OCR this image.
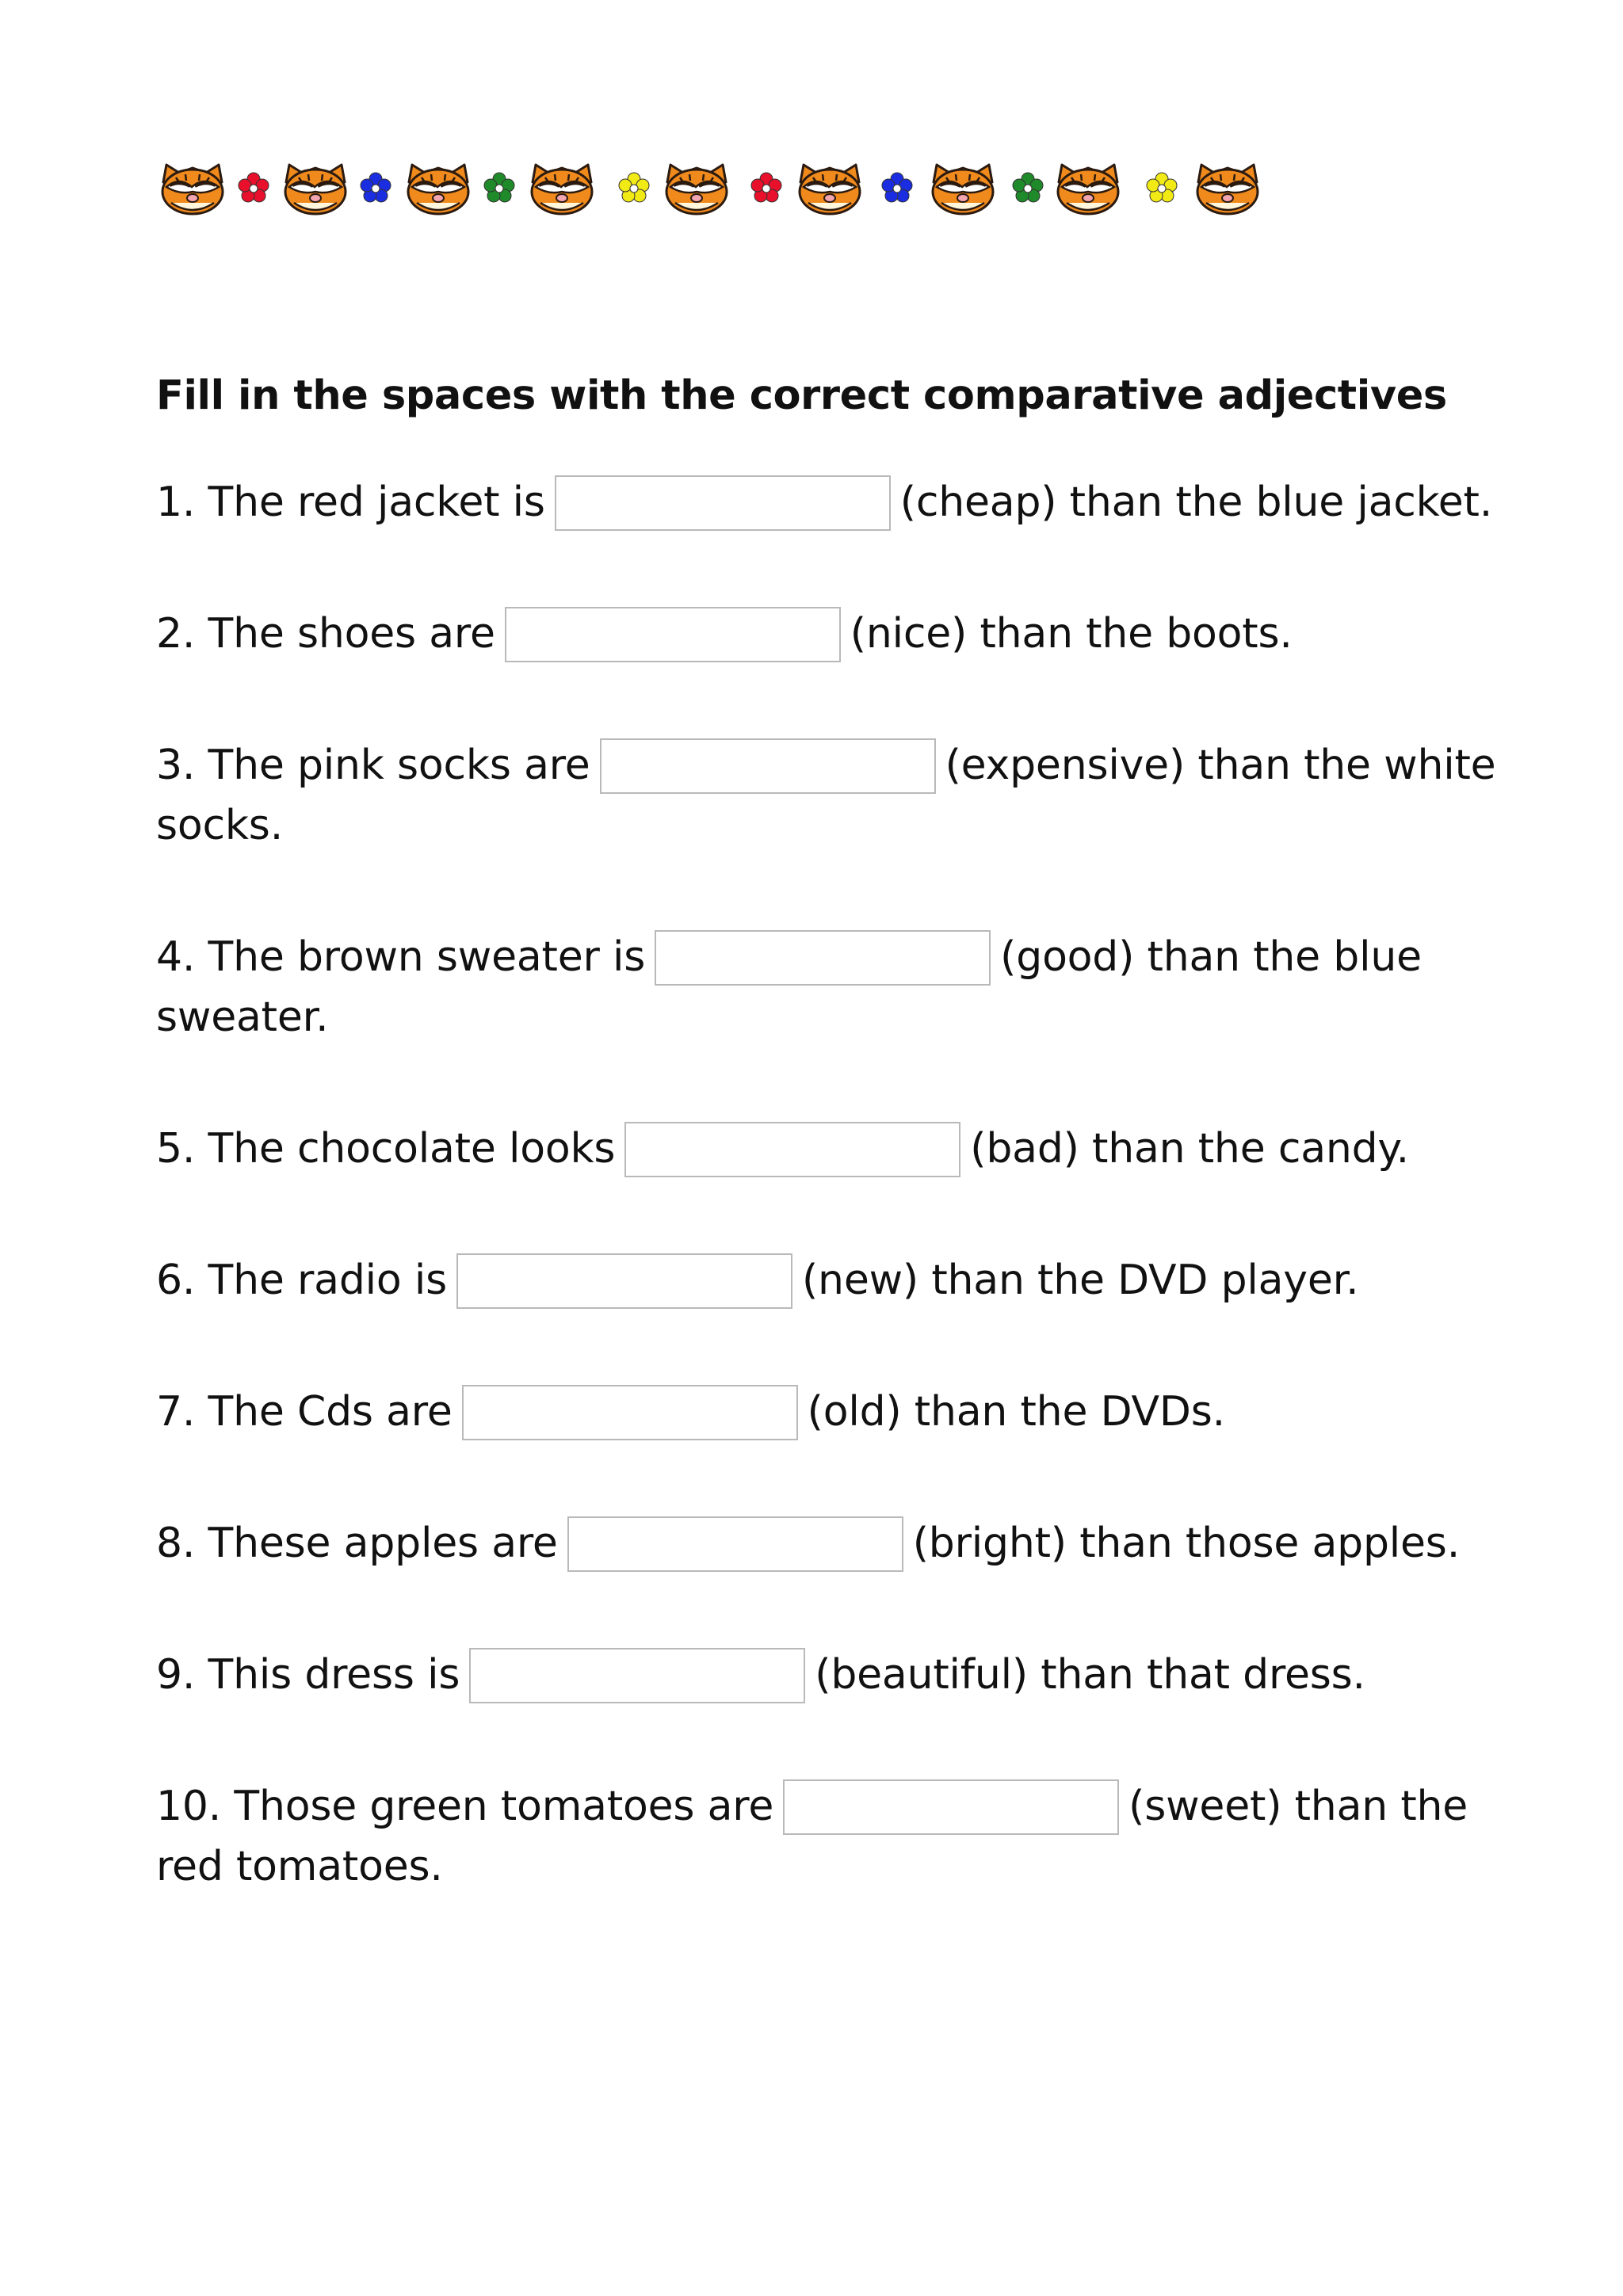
Fill in the spaces with the correct comparative adjectives
1. The red jacket is	(cheap) than the blue jacket.
2. The shoes are	(nice) than the boots.
3. The pink socks are	(expensive) than the white
socks.
4. The brown sweater is	(good) than the blue
sweater.
5. The chocolate looks	(bad) than the candy.
6. The radio is	(new) than the DVD player.
7. The Cds are	(old) than the DVDs.
8. These apples are	(bright) than those apples.
9. This dress is	(beautiful) than that dress.
10. Those green tomatoes are	(sweet) than the
red tomatoes.
